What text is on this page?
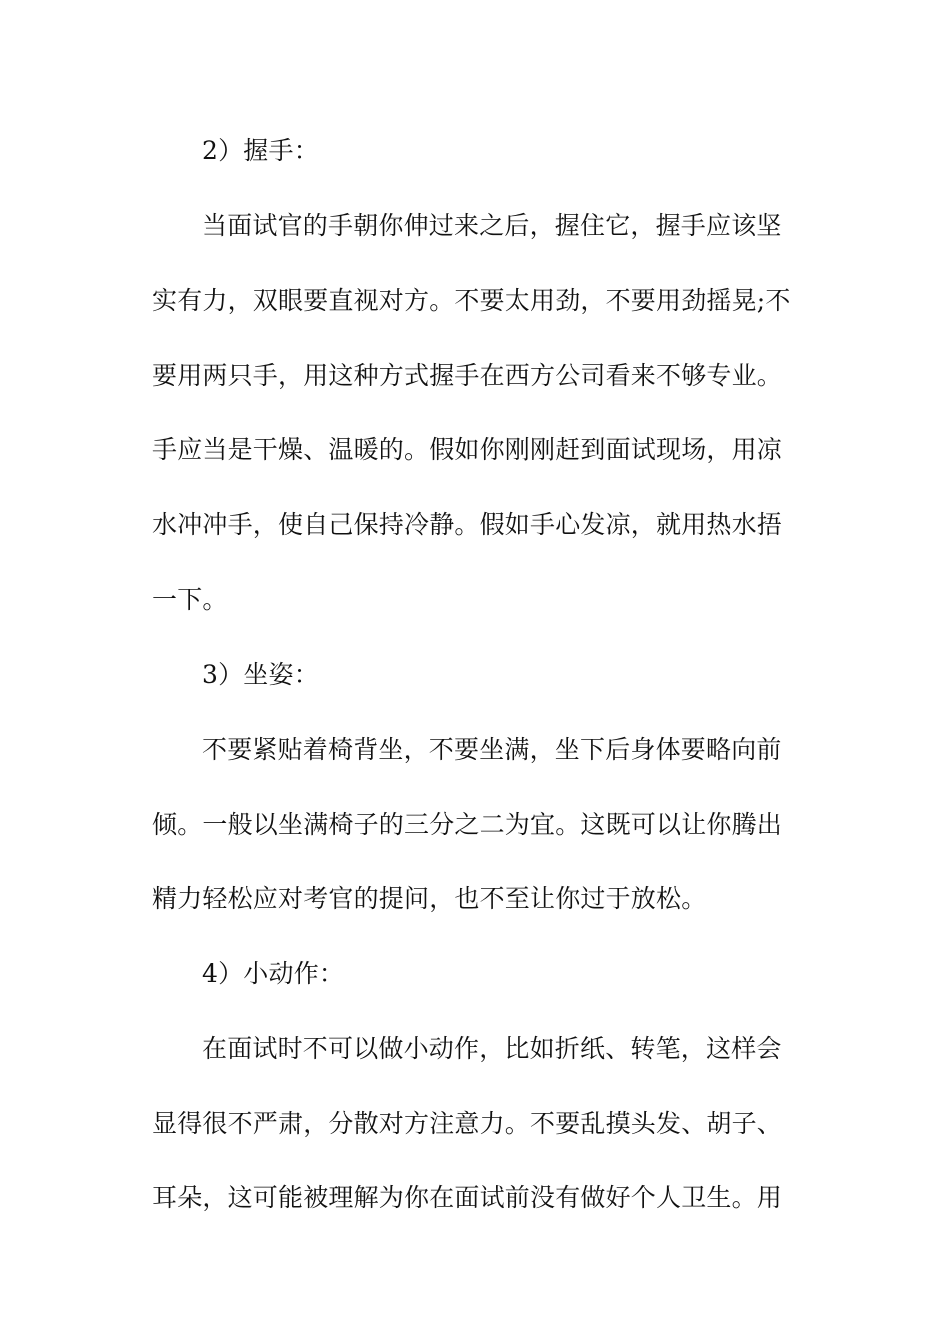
2）握手：
当面试官的手朝你伸过来之后，握住它，握手应该坚
实有力，双眼要直视对方。不要太用劲，不要用劲摇晃;不
要用两只手，用这种方式握手在西方公司看来不够专业。
手应当是干燥、温暖的。假如你刚刚赶到面试现场，用凉
水冲冲手，使自己保持冷静。假如手心发凉，就用热水捂
一下。
3）坐姿：
不要紧贴着椅背坐，不要坐满，坐下后身体要略向前
倾。一般以坐满椅子的三分之二为宜。这既可以让你腾出
精力轻松应对考官的提问，也不至让你过于放松。
4）小动作：
在面试时不可以做小动作，比如折纸、转笔，这样会
显得很不严肃，分散对方注意力。不要乱摸头发、胡子、
耳朵，这可能被理解为你在面试前没有做好个人卫生。用
